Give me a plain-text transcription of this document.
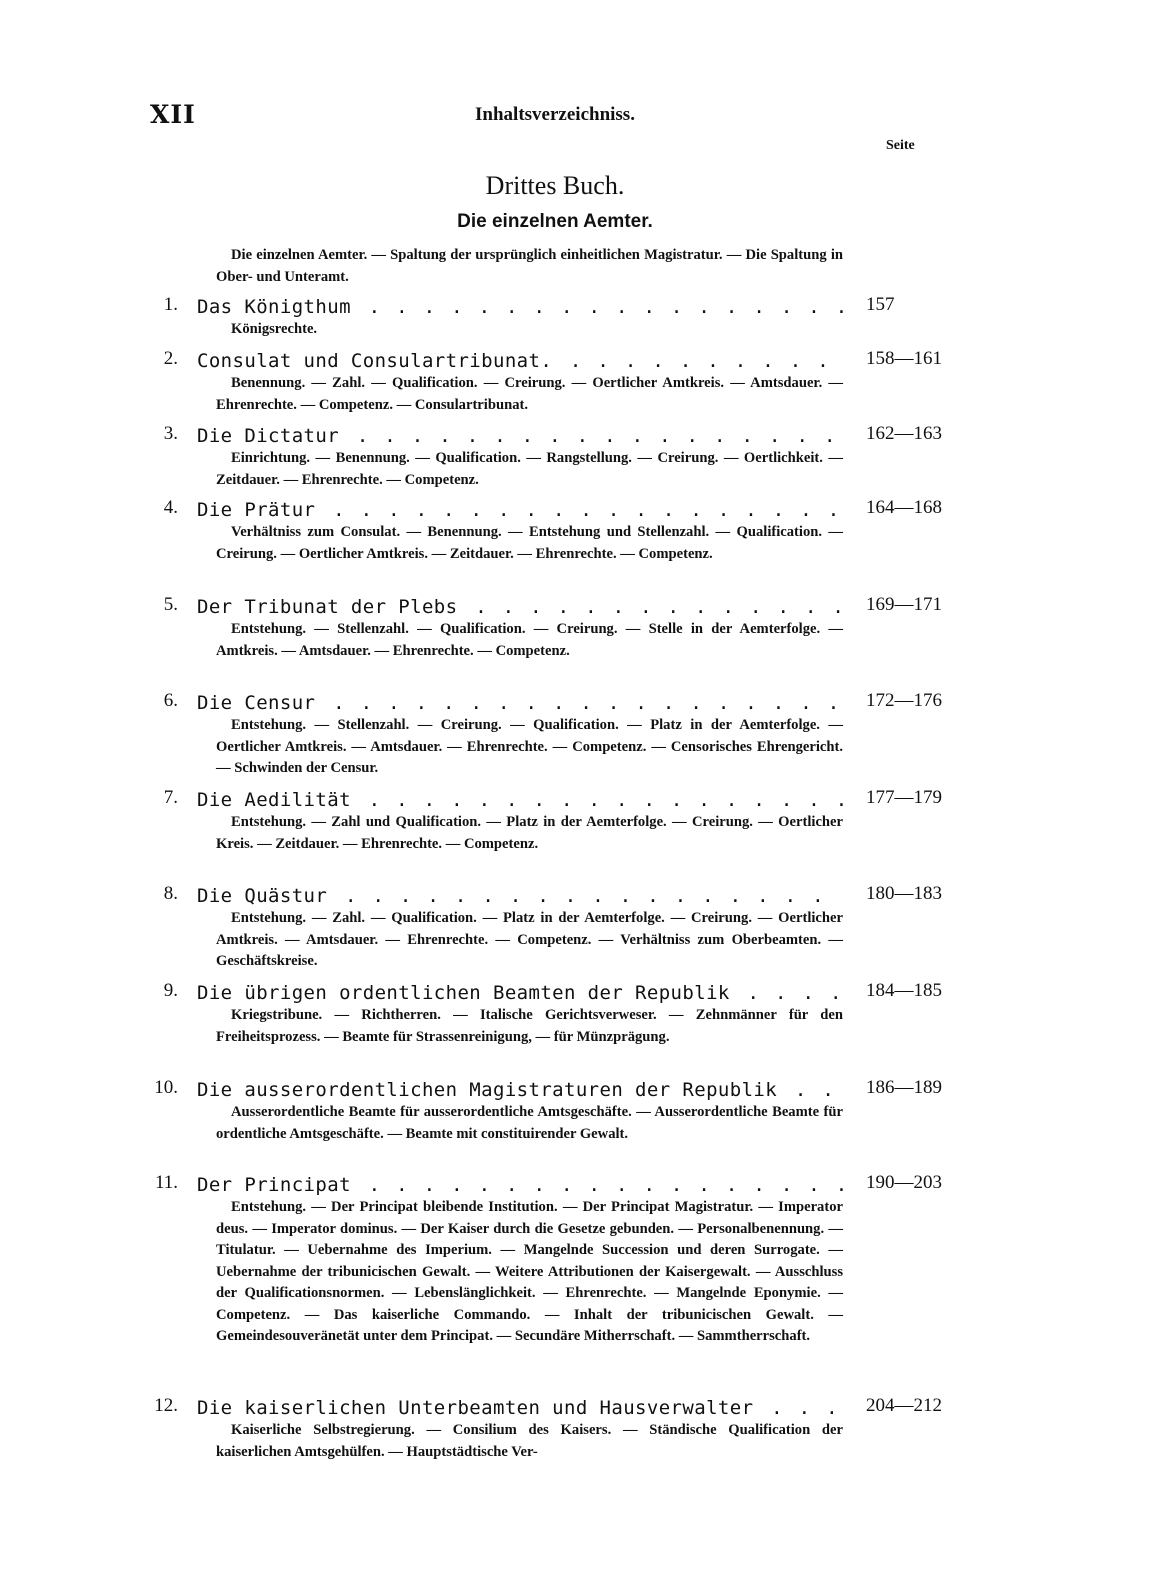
XII	Inhaltsverzeichniss.
Seite
Drittes Buch.
Die einzelnen Aemter.
Die einzelnen Aemter. — Spaltung der ursprünglich einheitlichen Magistratur. — Die Spaltung in Ober- und Unteramt.
1. Das Königthum . . .	157
Königsrechte.
2. Consulat und Consulartribunat. . . .	158—161
Benennung. — Zahl. — Qualification. — Creirung. — Oertlicher Amtkreis. — Amtsdauer. — Ehrenrechte. — Competenz. — Consulartribunat.
3. Die Dictatur . . .	162—163
Einrichtung. — Benennung. — Qualification. — Rangstellung. — Creirung. — Oertlichkeit. — Zeitdauer. — Ehrenrechte. — Competenz.
4. Die Prätur . . .	164—168
Verhältniss zum Consulat. — Benennung. — Entstehung und Stellenzahl. — Qualification. — Creirung. — Oertlicher Amtkreis. — Zeitdauer. — Ehrenrechte. — Competenz.
5. Der Tribunat der Plebs . . .	169—171
Entstehung. — Stellenzahl. — Qualification. — Creirung. — Stelle in der Aemterfolge. — Amtkreis. — Amtsdauer. — Ehrenrechte. — Competenz.
6. Die Censur . . .	172—176
Entstehung. — Stellenzahl. — Creirung. — Qualification. — Platz in der Aemterfolge. — Oertlicher Amtkreis. — Amtsdauer. — Ehrenrechte. — Competenz. — Censorisches Ehrengericht. — Schwinden der Censur.
7. Die Aedilität . . .	177—179
Entstehung. — Zahl und Qualification. — Platz in der Aemterfolge. — Creirung. — Oertlicher Kreis. — Zeitdauer. — Ehrenrechte. — Competenz.
8. Die Quästur . . .	180—183
Entstehung. — Zahl. — Qualification. — Platz in der Aemterfolge. — Creirung. — Oertlicher Amtkreis. — Amtsdauer. — Ehrenrechte. — Competenz. — Verhältniss zum Oberbeamten. — Geschäftskreise.
9. Die übrigen ordentlichen Beamten der Republik . . .	184—185
Kriegstribune. — Richtherren. — Italische Gerichtsverweser. — Zehnmänner für den Freiheitsprozess. — Beamte für Strassenreinigung, — für Münzprägung.
10. Die ausserordentlichen Magistraturen der Republik . . .	186—189
Ausserordentliche Beamte für ausserordentliche Amtsgeschäfte. — Ausserordentliche Beamte für ordentliche Amtsgeschäfte. — Beamte mit constituirender Gewalt.
11. Der Principat . . .	190—203
Entstehung. — Der Principat bleibende Institution. — Der Principat Magistratur. — Imperator deus. — Imperator dominus. — Der Kaiser durch die Gesetze gebunden. — Personalbenennung. — Titulatur. — Uebernahme des Imperium. — Mangelnde Succession und deren Surrogate. — Uebernahme der tribunicischen Gewalt. — Weitere Attributionen der Kaisergewalt. — Ausschluss der Qualificationsnormen. — Lebenslänglichkeit. — Ehrenrechte. — Mangelnde Eponymie. — Competenz. — Das kaiserliche Commando. — Inhalt der tribunicischen Gewalt. — Gemeindesouveränetät unter dem Principat. — Secundäre Mitherrschaft. — Sammtherrschaft.
12. Die kaiserlichen Unterbeamten und Hausverwalter . . .	204—212
Kaiserliche Selbstregierung. — Consilium des Kaisers. — Ständische Qualification der kaiserlichen Amtsgehülfen. — Hauptstädtische Ver-
